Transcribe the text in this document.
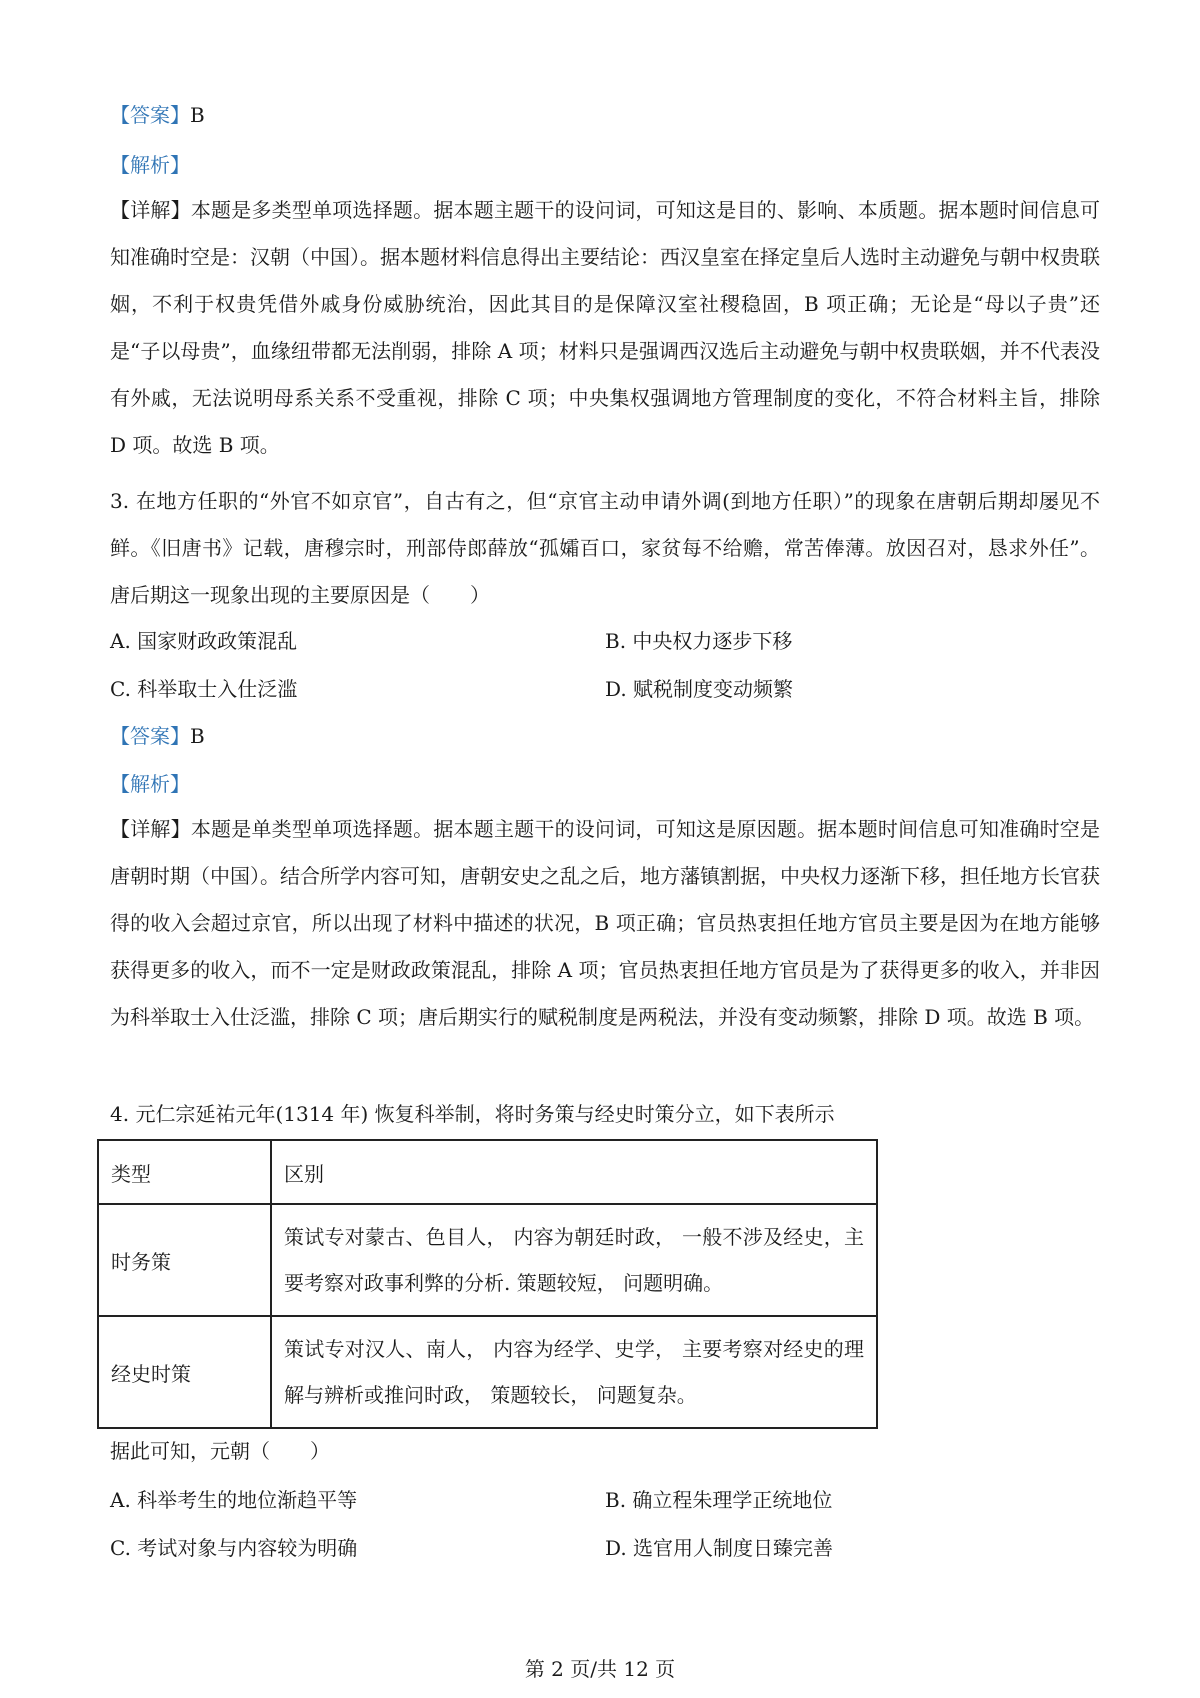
【答案】B
【解析】
【详解】本题是多类型单项选择题。据本题主题干的设问词，可知这是目的、影响、本质题。据本题时间信息可知准确时空是：汉朝（中国）。据本题材料信息得出主要结论：西汉皇室在择定皇后人选时主动避免与朝中权贵联姻，不利于权贵凭借外戚身份威胁统治，因此其目的是保障汉室社稷稳固，B 项正确；无论是“母以子贵”还是“子以母贵”，血缘纽带都无法削弱，排除 A 项；材料只是强调西汉选后主动避免与朝中权贵联姻，并不代表没有外戚，无法说明母系关系不受重视，排除 C 项；中央集权强调地方管理制度的变化，不符合材料主旨，排除 D 项。故选 B 项。
3. 在地方任职的“外官不如京官”，自古有之，但“京官主动申请外调(到地方任职）”的现象在唐朝后期却屡见不鲜。《旧唐书》记载，唐穆宗时，刑部侍郎薛放“孤孀百口，家贫每不给赡，常苦俸薄。放因召对，恳求外任”。唐后期这一现象出现的主要原因是（　　）
A. 国家财政政策混乱	B. 中央权力逐步下移
C. 科举取士入仕泛滥	D. 赋税制度变动频繁
【答案】B
【解析】
【详解】本题是单类型单项选择题。据本题主题干的设问词，可知这是原因题。据本题时间信息可知准确时空是唐朝时期（中国）。结合所学内容可知，唐朝安史之乱之后，地方藩镇割据，中央权力逐渐下移，担任地方长官获得的收入会超过京官，所以出现了材料中描述的状况，B 项正确；官员热衷担任地方官员主要是因为在地方能够获得更多的收入，而不一定是财政政策混乱，排除 A 项；官员热衷担任地方官员是为了获得更多的收入，并非因为科举取士入仕泛滥，排除 C 项；唐后期实行的赋税制度是两税法，并没有变动频繁，排除 D 项。故选 B 项。
4. 元仁宗延祐元年(1314 年) 恢复科举制，将时务策与经史时策分立，如下表所示
类型	区别
时务策	策试专对蒙古、色目人， 内容为朝廷时政， 一般不涉及经史，主要考察对政事利弊的分析. 策题较短， 问题明确。
经史时策	策试专对汉人、南人， 内容为经学、史学， 主要考察对经史的理解与辨析或推问时政， 策题较长， 问题复杂。
据此可知，元朝（　　）
A. 科举考生的地位渐趋平等	B. 确立程朱理学正统地位
C. 考试对象与内容较为明确	D. 选官用人制度日臻完善
第 2 页/共 12 页
